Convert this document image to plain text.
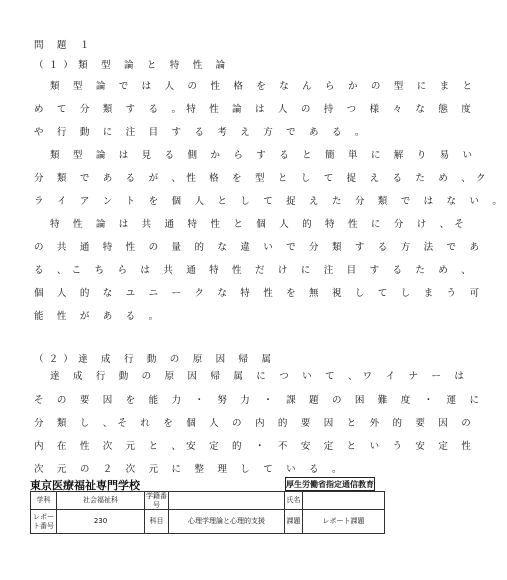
問 題 １
（１）類 型 論 と 特 性 論
類 型 論 で は 人 の 性 格 を な ん ら か の 型 に ま と
め て 分 類 す る 。特 性 論 は 人 の 持 つ 様 々 な 態 度
や 行 動 に 注 目 す る 考 え 方 で あ る 。
類 型 論 は 見 る 側 か ら す る と 簡 単 に 解 り 易 い
分 類 で あ る が 、性 格 を 型 と し て 捉 え る た め 、ク
ラ イ ア ン ト を 個 人 と し て 捉 え た 分 類 で は な い 。
特 性 論 は 共 通 特 性 と 個 人 的 特 性 に 分 け 、そ
の 共 通 特 性 の 量 的 な 違 い で 分 類 す る 方 法 で あ
る 、こ ち ら は 共 通 特 性 だ け に 注 目 す る た め 、
個 人 的 な ユ ニ ー ク な 特 性 を 無 視 し て し ま う 可
能 性 が あ る 。
（２）達 成 行 動 の 原 因 帰 属
達 成 行 動 の 原 因 帰 属 に つ い て 、ワ イ ナ ー は
そ の 要 因 を 能 力 ・ 努 力 ・ 課 題 の 困 難 度 ・ 運 に
分 類 し 、そ れ を 個 人 の 内 的 要 因 と 外 的 要 因 の
内 在 性 次 元 と 、安 定 的 ・ 不 安 定 と い う 安 定 性
次 元 の ２ 次 元 に 整 理 し て い る 。
東京医療福祉専門学校	厚生労働省指定通信教育
学科	社会福祉科	学籍番号		氏名	
レポート番号	230	科目	心理学理論と心理的支援	課題	レポート課題
